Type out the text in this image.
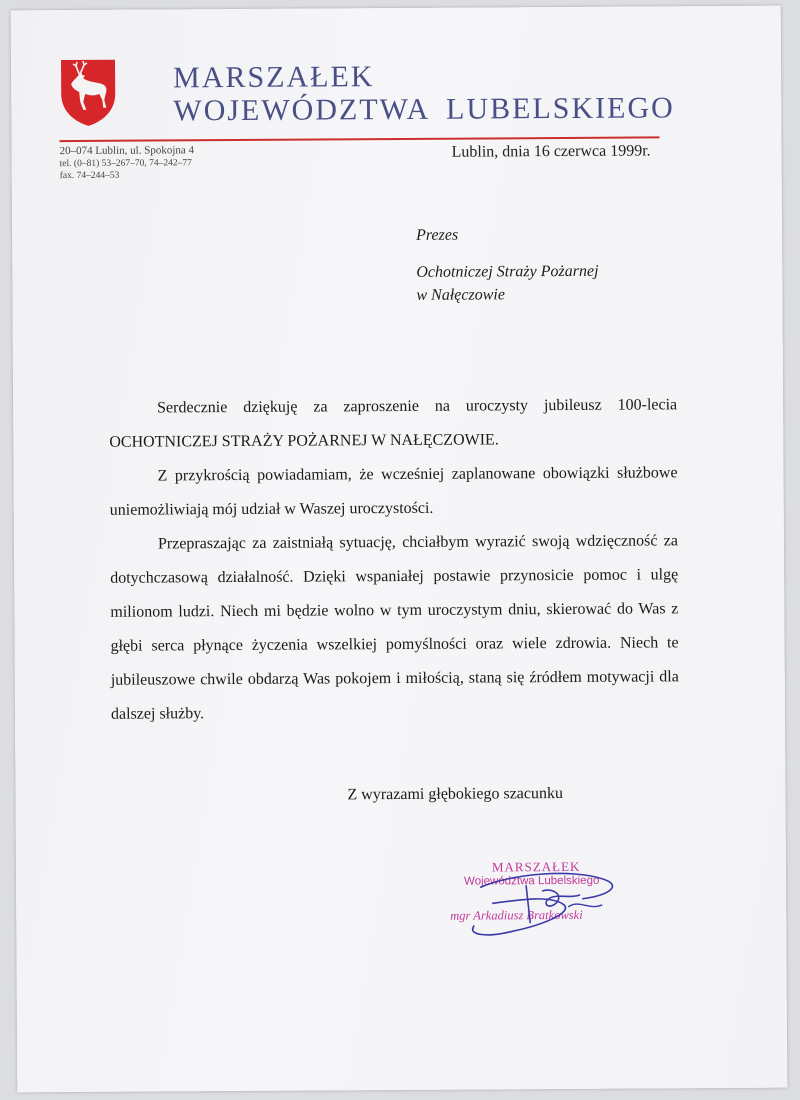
MARSZAŁEK
WOJEWÓDZTWA LUBELSKIEGO
20–074 Lublin, ul. Spokojna 4
tel. (0–81) 53–267–70, 74–242–77
fax. 74–244–53
Lublin, dnia 16 czerwca 1999r.
Prezes
Ochotniczej Straży Pożarnej
w Nałęczowie

Serdecznie dziękuję za zaproszenie na uroczysty jubileusz 100-lecia OCHOTNICZEJ STRAŻY POŻARNEJ W NAŁĘCZOWIE.

Z przykrością powiadamiam, że wcześniej zaplanowane obowiązki służbowe uniemożliwiają mój udział w Waszej uroczystości.

Przepraszając za zaistniałą sytuację, chciałbym wyrazić swoją wdzięczność za dotychczasową działalność. Dzięki wspaniałej postawie przynosicie pomoc i ulgę milionom ludzi. Niech mi będzie wolno w tym uroczystym dniu, skierować do Was z głębi serca płynące życzenia wszelkiej pomyślności oraz wiele zdrowia. Niech te jubileuszowe chwile obdarzą Was pokojem i miłością, staną się źródłem motywacji dla dalszej służby.

Z wyrazami głębokiego szacunku
MARSZAŁEK
Województwa Lubelskiego
mgr Arkadiusz Bratkowski
